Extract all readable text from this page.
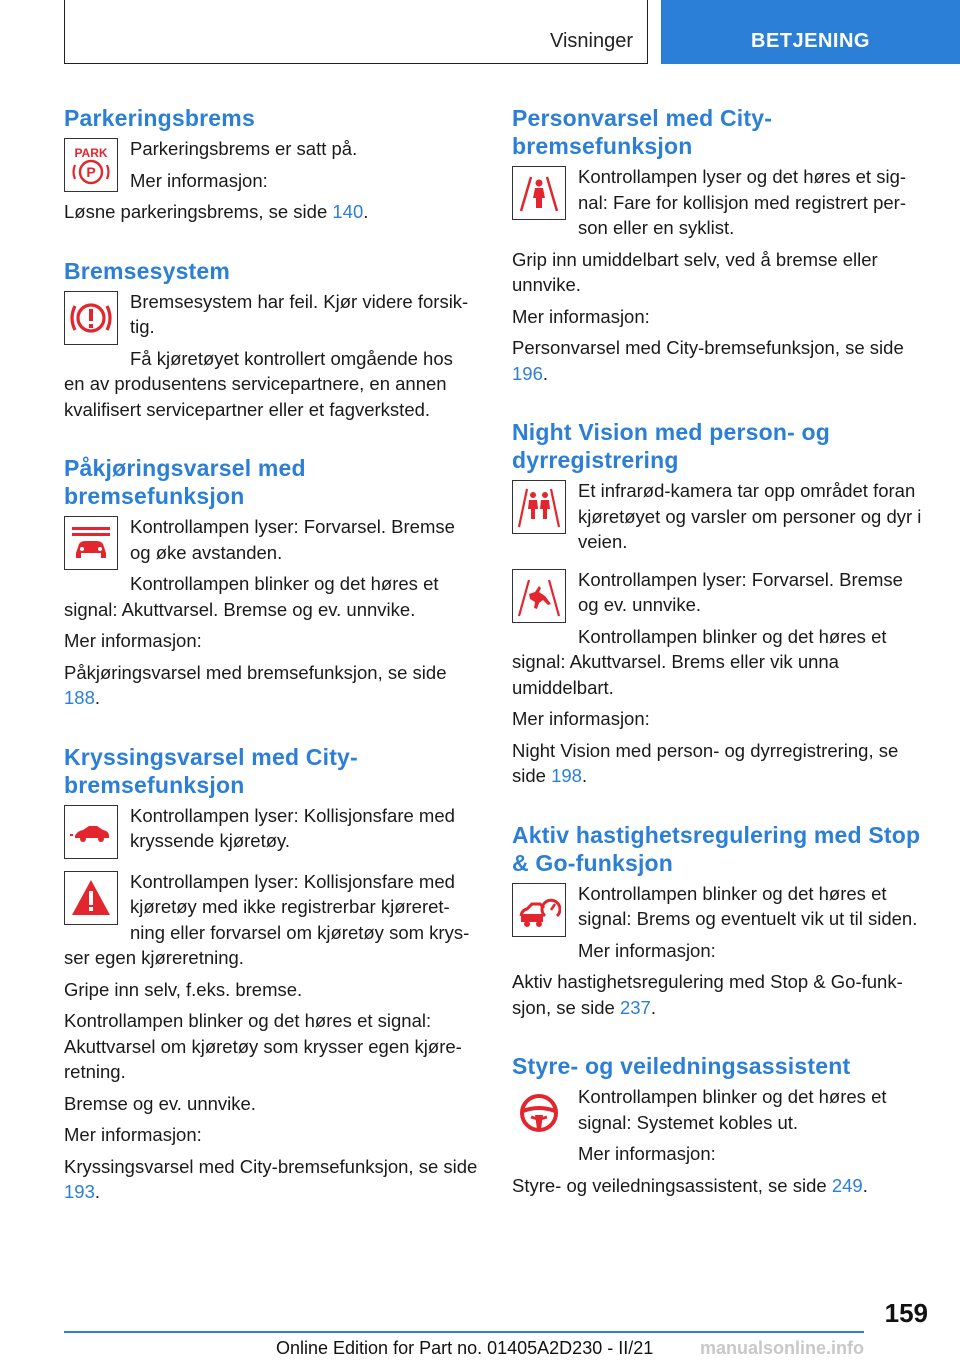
Visninger	BETJENING
Parkeringsbrems
PARK
P

Parkeringsbrems er satt på.

Mer informasjon:

Løsne parkeringsbrems, se side 140.

Bremsesystem

Bremsesystem har feil. Kjør videre forsik-tig.

Få kjøretøyet kontrollert omgående hos en av produsentens servicepartnere, en annen kvalifisert servicepartner eller et fagverksted.

Påkjøringsvarsel med bremsefunksjon

Kontrollampen lyser: Forvarsel. Bremse og øke avstanden.

Kontrollampen blinker og det høres et signal: Akuttvarsel. Bremse og ev. unnvike.

Mer informasjon:

Påkjøringsvarsel med bremsefunksjon, se side 188.

Kryssingsvarsel med City-bremsefunksjon

Kontrollampen lyser: Kollisjonsfare med kryssende kjøretøy.

Kontrollampen lyser: Kollisjonsfare med kjøretøy med ikke registrerbar kjøreret-ning eller forvarsel om kjøretøy som krys-ser egen kjøreretning.

Gripe inn selv, f.eks. bremse.

Kontrollampen blinker og det høres et signal: Akuttvarsel om kjøretøy som krysser egen kjøre-retning.

Bremse og ev. unnvike.

Mer informasjon:

Kryssingsvarsel med City-bremsefunksjon, se side 193.

Personvarsel med City-bremsefunksjon

Kontrollampen lyser og det høres et sig-nal: Fare for kollisjon med registrert per-son eller en syklist.

Grip inn umiddelbart selv, ved å bremse eller unnvike.

Mer informasjon:

Personvarsel med City-bremsefunksjon, se side 196.

Night Vision med person- og dyrregistrering

Et infrarød-kamera tar opp området foran kjøretøyet og varsler om personer og dyr i veien.

Kontrollampen lyser: Forvarsel. Bremse og ev. unnvike.

Kontrollampen blinker og det høres et signal: Akuttvarsel. Brems eller vik unna umiddelbart.

Mer informasjon:

Night Vision med person- og dyrregistrering, se side 198.

Aktiv hastighetsregulering med Stop & Go-funksjon

Kontrollampen blinker og det høres et signal: Brems og eventuelt vik ut til siden.

Mer informasjon:

Aktiv hastighetsregulering med Stop & Go-funk-sjon, se side 237.

Styre- og veiledningsassistent

Kontrollampen blinker og det høres et signal: Systemet kobles ut.

Mer informasjon:

Styre- og veiledningsassistent, se side 249.

159
Online Edition for Part no. 01405A2D230 - II/21	manualsonline.info
